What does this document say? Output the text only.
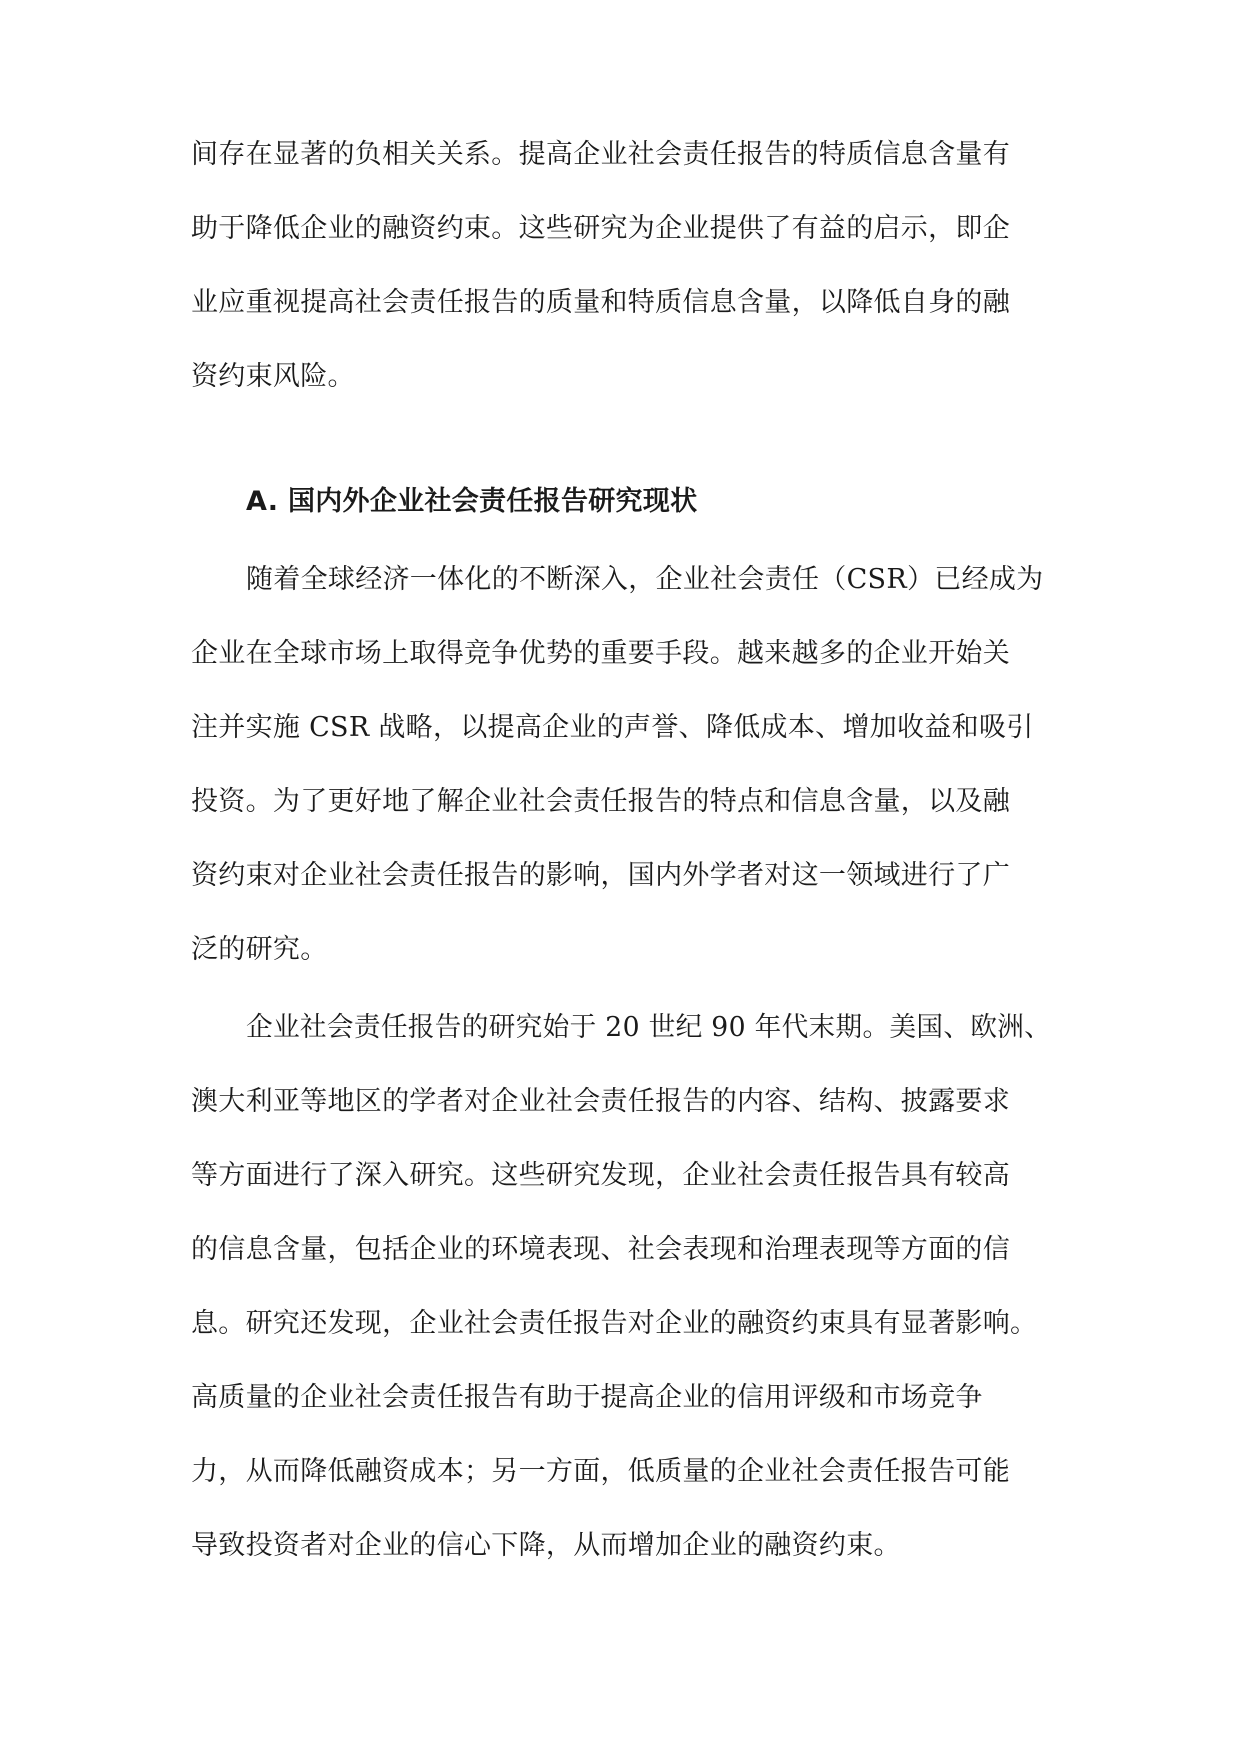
间存在显著的负相关关系。提高企业社会责任报告的特质信息含量有

助于降低企业的融资约束。这些研究为企业提供了有益的启示，即企

业应重视提高社会责任报告的质量和特质信息含量，以降低自身的融

资约束风险。

A. 国内外企业社会责任报告研究现状

随着全球经济一体化的不断深入，企业社会责任（CSR）已经成为

企业在全球市场上取得竞争优势的重要手段。越来越多的企业开始关

注并实施 CSR 战略，以提高企业的声誉、降低成本、增加收益和吸引

投资。为了更好地了解企业社会责任报告的特点和信息含量，以及融

资约束对企业社会责任报告的影响，国内外学者对这一领域进行了广

泛的研究。

企业社会责任报告的研究始于 20 世纪 90 年代末期。美国、欧洲、

澳大利亚等地区的学者对企业社会责任报告的内容、结构、披露要求

等方面进行了深入研究。这些研究发现，企业社会责任报告具有较高

的信息含量，包括企业的环境表现、社会表现和治理表现等方面的信

息。研究还发现，企业社会责任报告对企业的融资约束具有显著影响。

高质量的企业社会责任报告有助于提高企业的信用评级和市场竞争

力，从而降低融资成本；另一方面，低质量的企业社会责任报告可能

导致投资者对企业的信心下降，从而增加企业的融资约束。
